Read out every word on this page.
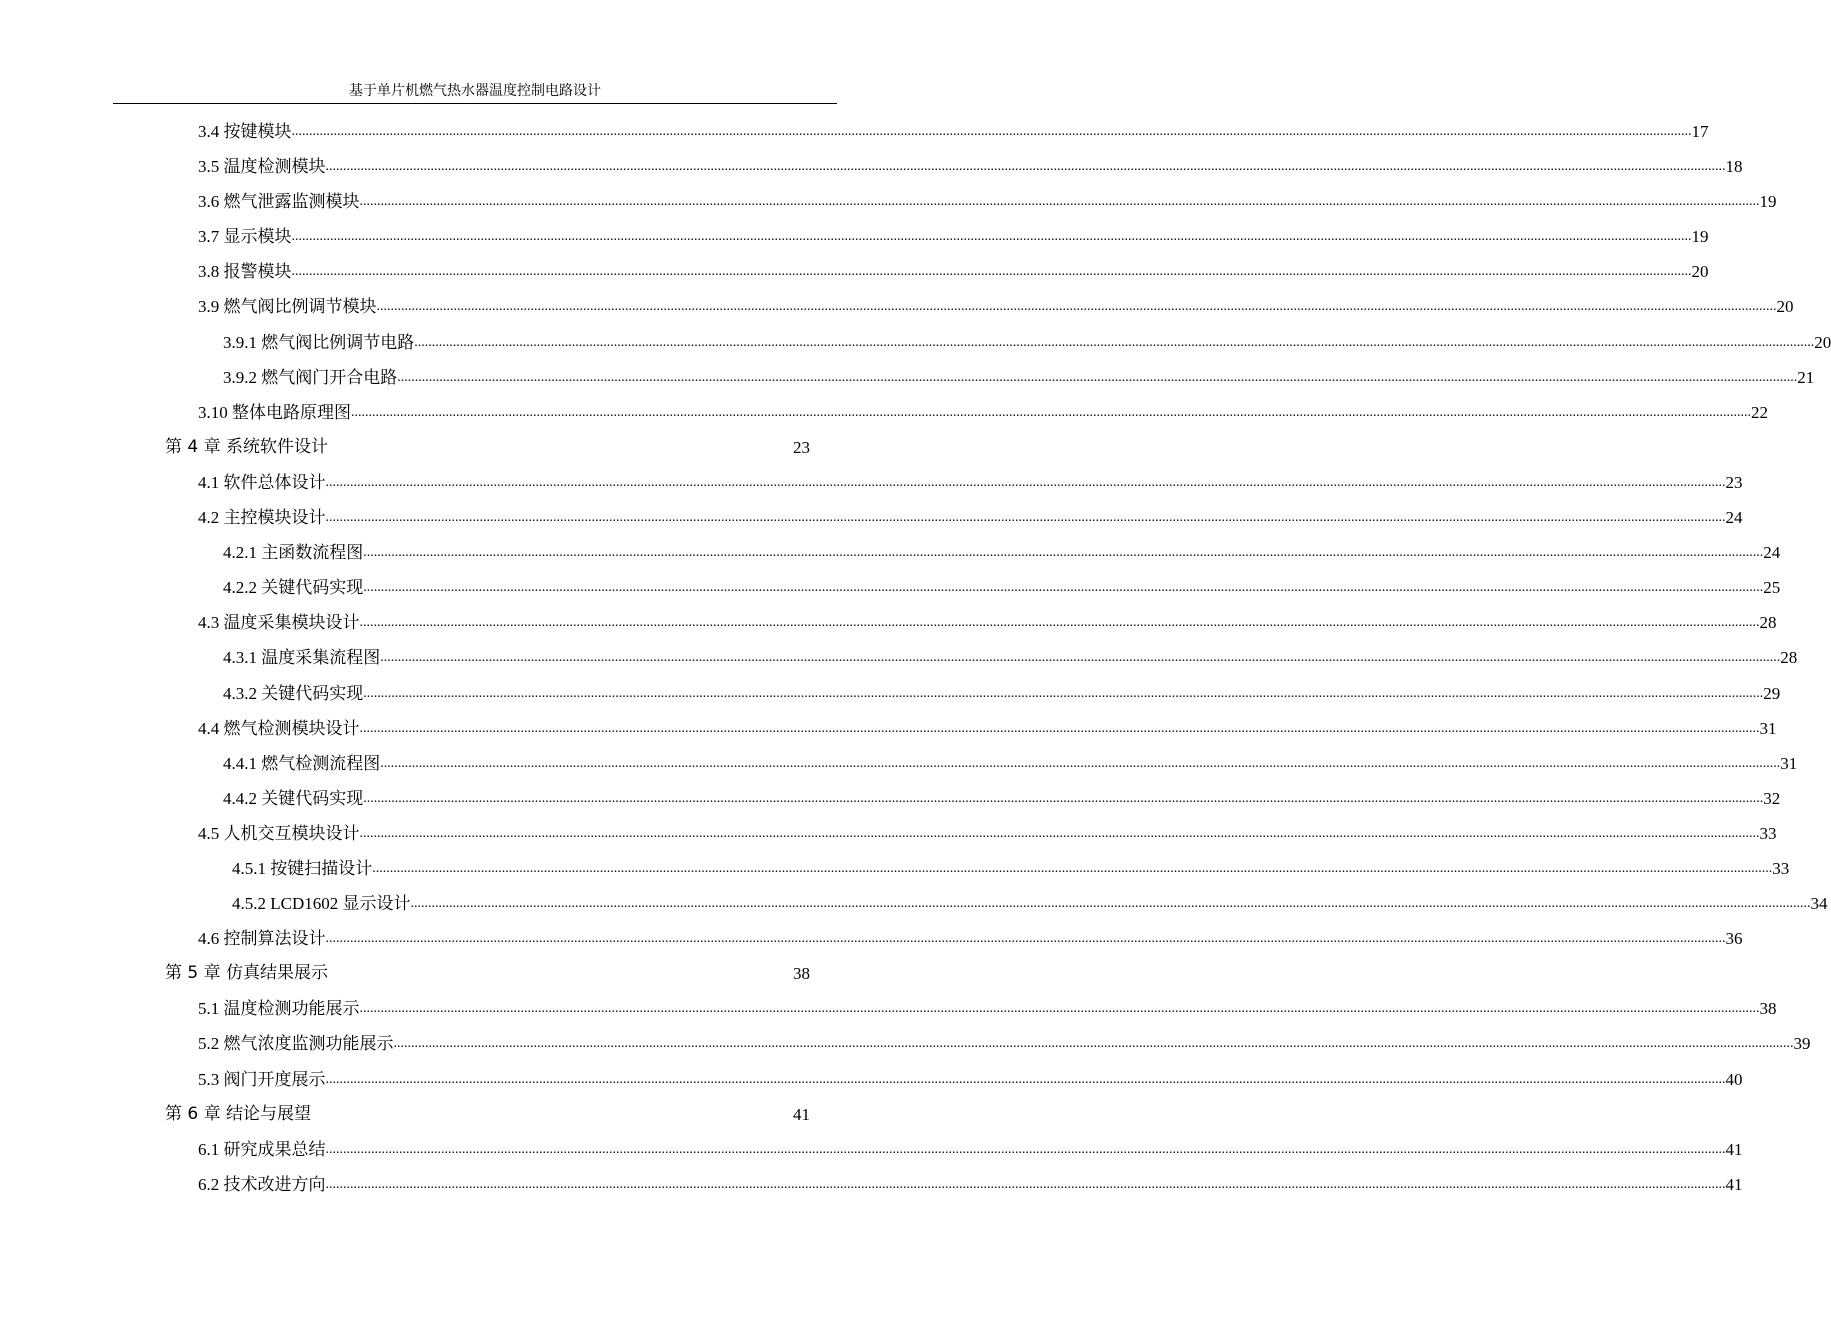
基于单片机燃气热水器温度控制电路设计
3.4 按键模块 ................................................................................................................................................................................................................................................................................................................................................................................................................ 17
3.5 温度检测模块 ................................................................................................................................................................................................................................................................................................................................................................................................................ 18
3.6 燃气泄露监测模块 ................................................................................................................................................................................................................................................................................................................................................................................................................ 19
3.7 显示模块 ................................................................................................................................................................................................................................................................................................................................................................................................................ 19
3.8 报警模块 ................................................................................................................................................................................................................................................................................................................................................................................................................ 20
3.9 燃气阀比例调节模块 ................................................................................................................................................................................................................................................................................................................................................................................................................ 20
3.9.1 燃气阀比例调节电路 ................................................................................................................................................................................................................................................................................................................................................................................................................ 20
3.9.2 燃气阀门开合电路 ................................................................................................................................................................................................................................................................................................................................................................................................................ 21
3.10 整体电路原理图 ................................................................................................................................................................................................................................................................................................................................................................................................................ 22
第 4 章 系统软件设计	23
4.1 软件总体设计 ................................................................................................................................................................................................................................................................................................................................................................................................................ 23
4.2 主控模块设计 ................................................................................................................................................................................................................................................................................................................................................................................................................ 24
4.2.1 主函数流程图 ................................................................................................................................................................................................................................................................................................................................................................................................................ 24
4.2.2 关键代码实现 ................................................................................................................................................................................................................................................................................................................................................................................................................ 25
4.3 温度采集模块设计 ................................................................................................................................................................................................................................................................................................................................................................................................................ 28
4.3.1 温度采集流程图 ................................................................................................................................................................................................................................................................................................................................................................................................................ 28
4.3.2 关键代码实现 ................................................................................................................................................................................................................................................................................................................................................................................................................ 29
4.4 燃气检测模块设计 ................................................................................................................................................................................................................................................................................................................................................................................................................ 31
4.4.1 燃气检测流程图 ................................................................................................................................................................................................................................................................................................................................................................................................................ 31
4.4.2 关键代码实现 ................................................................................................................................................................................................................................................................................................................................................................................................................ 32
4.5 人机交互模块设计 ................................................................................................................................................................................................................................................................................................................................................................................................................ 33
4.5.1 按键扫描设计 ................................................................................................................................................................................................................................................................................................................................................................................................................ 33
4.5.2 LCD1602 显示设计 ................................................................................................................................................................................................................................................................................................................................................................................................................ 34
4.6 控制算法设计 ................................................................................................................................................................................................................................................................................................................................................................................................................ 36
第 5 章 仿真结果展示	38
5.1 温度检测功能展示 ................................................................................................................................................................................................................................................................................................................................................................................................................ 38
5.2 燃气浓度监测功能展示 ................................................................................................................................................................................................................................................................................................................................................................................................................ 39
5.3 阀门开度展示 ................................................................................................................................................................................................................................................................................................................................................................................................................ 40
第 6 章 结论与展望	41
6.1 研究成果总结 ................................................................................................................................................................................................................................................................................................................................................................................................................ 41
6.2 技术改进方向 ................................................................................................................................................................................................................................................................................................................................................................................................................ 41
